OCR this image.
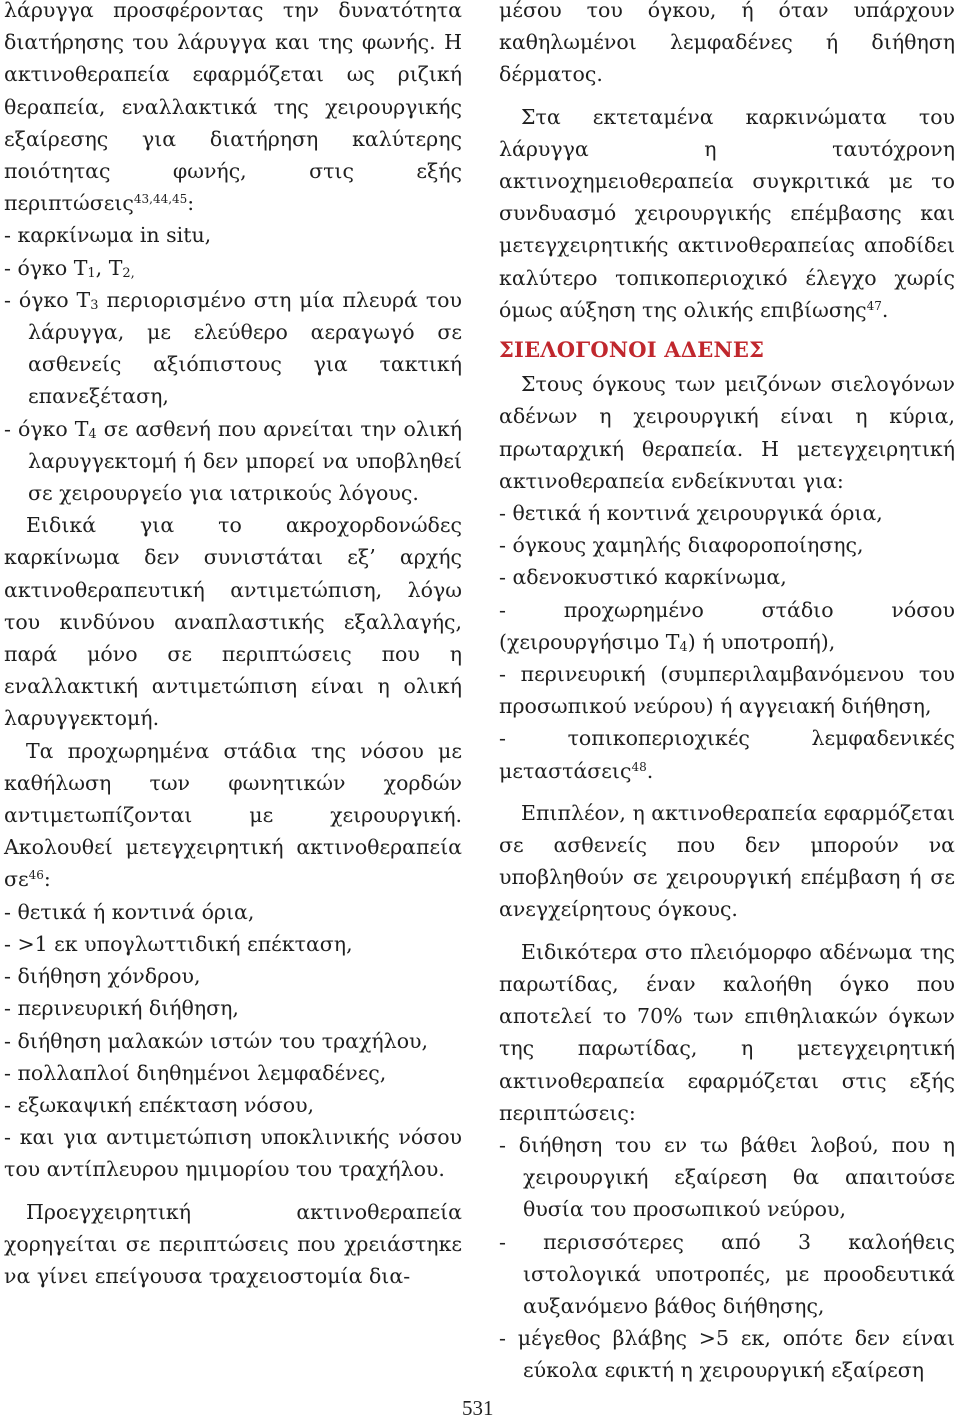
λάρυγγα προσφέροντας την δυνατότητα διατήρησης του λάρυγγα και της φωνής. Η ακτινοθεραπεία εφαρμόζεται ως ριζική θεραπεία, εναλλακτικά της χειρουργικής εξαίρεσης για διατήρηση καλύτερης ποιότητας φωνής, στις εξής περιπτώσεις$^{43,44,45}$:

- καρκίνωμα in situ,

- όγκο $T_1$, $T_{2,}$

- όγκο $T_3$ περιορισμένο στη μία πλευρά του λάρυγγα, με ελεύθερο αεραγωγό σε ασθενείς αξιόπιστους για τακτική επανεξέταση,

- όγκο $T_4$ σε ασθενή που αρνείται την ολική λαρυγγεκτομή ή δεν μπορεί να υποβληθεί σε χειρουργείο για ιατρικούς λόγους.

Ειδικά για το ακροχορδονώδες καρκίνωμα δεν συνιστάται εξ’ αρχής ακτινοθεραπευτική αντιμετώπιση, λόγω του κινδύνου αναπλαστικής εξαλλαγής, παρά μόνο σε περιπτώσεις που η εναλλακτική αντιμετώπιση είναι η ολική λαρυγγεκτομή.

Τα προχωρημένα στάδια της νόσου με καθήλωση των φωνητικών χορδών αντιμετωπίζονται με χειρουργική. Ακολουθεί μετεγχειρητική ακτινοθεραπεία $\sigma\varepsilon^{46}$:

- θετικά ή κοντινά όρια,

- >1 εκ υπογλωττιδική επέκταση,

- διήθηση χόνδρου,

- περινευρική διήθηση,

- διήθηση μαλακών ιστών του τραχήλου,

- πολλαπλοί διηθημένοι λεμφαδένες,

- εξωκαψική επέκταση νόσου,

- και για αντιμετώπιση υποκλινικής νόσου του αντίπλευρου ημιμορίου του τραχήλου.

Προεγχειρητική ακτινοθεραπεία χορηγείται σε περιπτώσεις που χρειάστηκε να γίνει επείγουσα τραχειοστομία δια-

μέσου του όγκου, ή όταν υπάρχουν καθηλωμένοι λεμφαδένες ή διήθηση δέρματος.

Στα εκτεταμένα καρκινώματα του λάρυγγα η ταυτόχρονη ακτινοχημειοθεραπεία συγκριτικά με το συνδυασμό χειρουργικής επέμβασης και μετεγχειρητικής ακτινοθεραπείας αποδίδει καλύτερο τοπικοπεριοχικό έλεγχο χωρίς όμως αύξηση της ολικής επιβίωσης$^{47}$.

ΣΙΕΛΟΓΟΝΟΙ ΑΔΕΝΕΣ

Στους όγκους των μειζόνων σιελογόνων αδένων η χειρουργική είναι η κύρια, πρωταρχική θεραπεία. Η μετεγχειρητική ακτινοθεραπεία ενδείκνυται για:

- θετικά ή κοντινά χειρουργικά όρια,

- όγκους χαμηλής διαφοροποίησης,

- αδενοκυστικό καρκίνωμα,

- προχωρημένο στάδιο νόσου (χειρουργήσιμο $T_4$) ή υποτροπή),

- περινευρική (συμπεριλαμβανόμενου του προσωπικού νεύρου) ή αγγειακή διήθηση,

- τοπικοπεριοχικές λεμφαδενικές μεταστάσεις$^{48}$.

Επιπλέον, η ακτινοθεραπεία εφαρμόζεται σε ασθενείς που δεν μπορούν να υποβληθούν σε χειρουργική επέμβαση ή σε ανεγχείρητους όγκους.

Ειδικότερα στο πλειόμορφο αδένωμα της παρωτίδας, έναν καλοήθη όγκο που αποτελεί το 70% των επιθηλιακών όγκων της παρωτίδας, η μετεγχειρητική ακτινοθεραπεία εφαρμόζεται στις εξής περιπτώσεις:

- διήθηση του εν τω βάθει λοβού, που η χειρουργική εξαίρεση θα απαιτούσε θυσία του προσωπικού νεύρου,

- περισσότερες από 3 καλοήθεις ιστολογικά υποτροπές, με προοδευτικά αυξανόμενο βάθος διήθησης,

- μέγεθος βλάβης >5 εκ, οπότε δεν είναι εύκολα εφικτή η χειρουργική εξαίρεση

531
